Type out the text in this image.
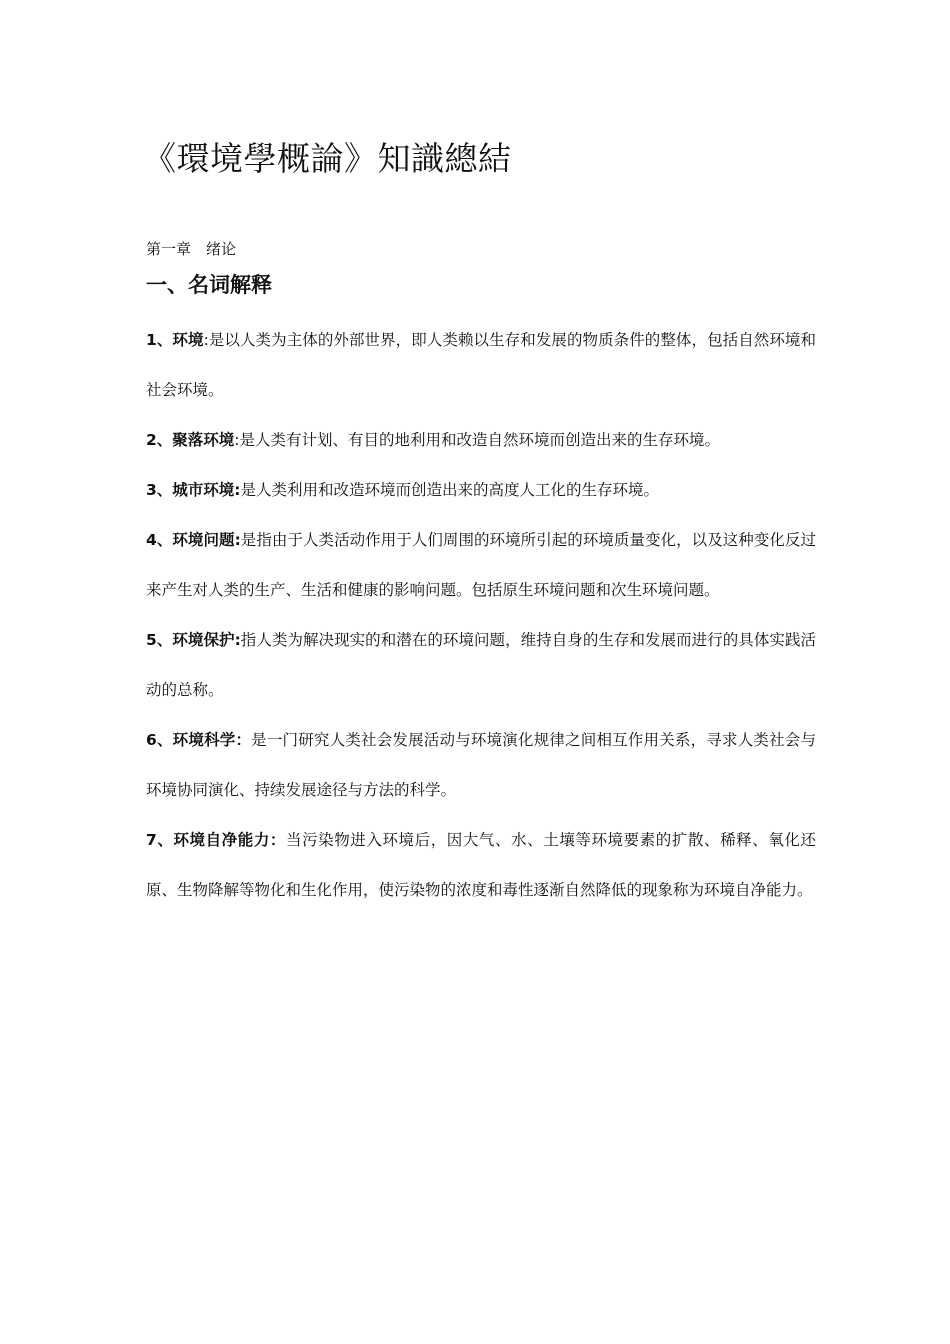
《環境學概論》知識總結
第一章　绪论
一、名词解释
1、环境:是以人类为主体的外部世界，即人类赖以生存和发展的物质条件的整体，包括自然环境和社会环境。
2、聚落环境:是人类有计划、有目的地利用和改造自然环境而创造出来的生存环境。
3、城市环境:是人类利用和改造环境而创造出来的高度人工化的生存环境。
4、环境问题:是指由于人类活动作用于人们周围的环境所引起的环境质量变化，以及这种变化反过来产生对人类的生产、生活和健康的影响问题。包括原生环境问题和次生环境问题。
5、环境保护:指人类为解决现实的和潜在的环境问题，维持自身的生存和发展而进行的具体实践活动的总称。
6、环境科学：是一门研究人类社会发展活动与环境演化规律之间相互作用关系，寻求人类社会与环境协同演化、持续发展途径与方法的科学。
7、环境自净能力：当污染物进入环境后，因大气、水、土壤等环境要素的扩散、稀释、氧化还原、生物降解等物化和生化作用，使污染物的浓度和毒性逐渐自然降低的现象称为环境自净能力。
